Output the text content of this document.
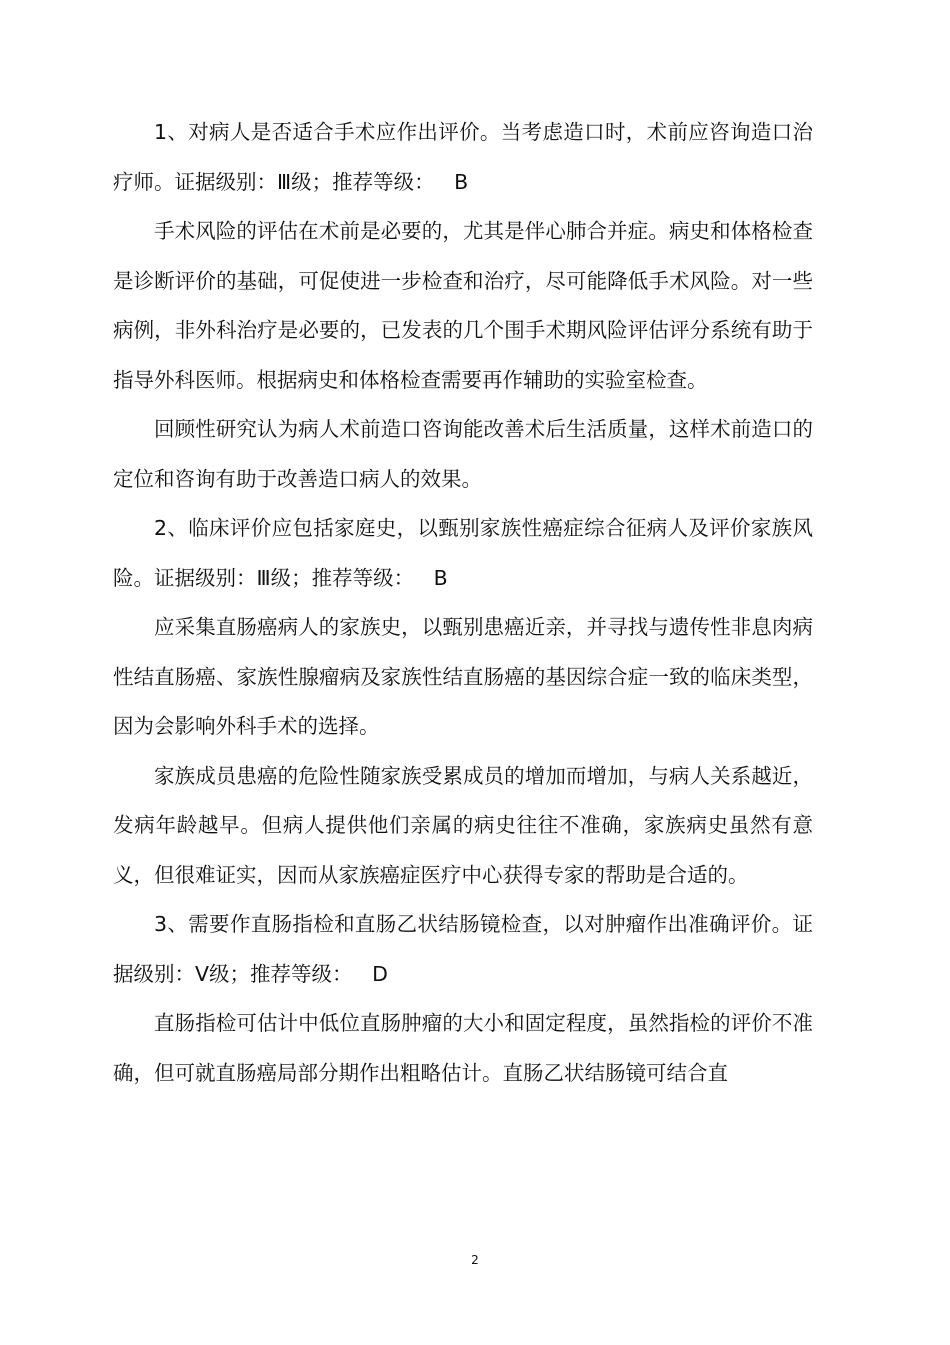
1、对病人是否适合手术应作出评价。当考虑造口时，术前应咨询造口治疗师。证据级别：Ⅲ级；推荐等级：   B

手术风险的评估在术前是必要的，尤其是伴心肺合并症。病史和体格检查是诊断评价的基础，可促使进一步检查和治疗，尽可能降低手术风险。对一些病例，非外科治疗是必要的，已发表的几个围手术期风险评估评分系统有助于指导外科医师。根据病史和体格检查需要再作辅助的实验室检查。

回顾性研究认为病人术前造口咨询能改善术后生活质量，这样术前造口的定位和咨询有助于改善造口病人的效果。

2、临床评价应包括家庭史，以甄别家族性癌症综合征病人及评价家族风险。证据级别：Ⅲ级；推荐等级：   B

应采集直肠癌病人的家族史，以甄别患癌近亲，并寻找与遗传性非息肉病性结直肠癌、家族性腺瘤病及家族性结直肠癌的基因综合症一致的临床类型，因为会影响外科手术的选择。

家族成员患癌的危险性随家族受累成员的增加而增加，与病人关系越近，发病年龄越早。但病人提供他们亲属的病史往往不准确，家族病史虽然有意义，但很难证实，因而从家族癌症医疗中心获得专家的帮助是合适的。

3、需要作直肠指检和直肠乙状结肠镜检查，以对肿瘤作出准确评价。证据级别：Ⅴ级；推荐等级：   D

直肠指检可估计中低位直肠肿瘤的大小和固定程度，虽然指检的评价不准确，但可就直肠癌局部分期作出粗略估计。直肠乙状结肠镜可结合直

2
